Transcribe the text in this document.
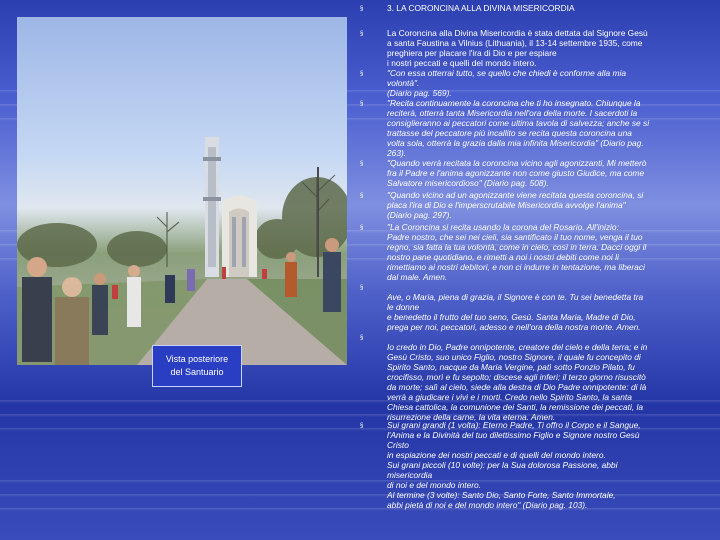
Vista posteriore
del Santuario
§	3. LA CORONCINA ALLA DIVINA MISERICORDIA
§	La Coroncina alla Divina Misericordia è stata dettata dal Signore Gesù
a santa Faustina a Vilnius (Lithuania), il 13-14 settembre 1935, come
preghiera per placare l'ira di Dio e per espiare
i nostri peccati e quelli del mondo intero.
§	"Con essa otterrai tutto, se quello che chiedi è conforme alla mia
volontà".
(Diario pag. 569).
§	"Recita continuamente la coroncina che ti ho insegnato. Chiunque la
reciterà, otterrà tanta Misericordia nell'ora della morte. I sacerdoti la
consiglieranno ai peccatori come ultima tavola di salvezza; anche se si
trattasse del peccatore più incallito se recita questa coroncina una
volta sola, otterrà la grazia dalla mia infinita Misericordia" (Diario pag.
263).
§	"Quando verrà recitata la coroncina vicino agli agonizzanti, Mi metterò
fra il Padre e l'anima agonizzante non come giusto Giudice, ma come
Salvatore misericordioso" (Diario pag. 508).
§	"Quando vicino ad un agonizzante viene recitata questa coroncina, si
placa l'ira di Dio e l'imperscrutabile Misericordia avvolge l'anima"
(Diario pag. 297).
§	"La Coroncina si recita usando la corona del Rosario. All'inizio:
Padre nostro, che sei nei cieli, sia santificato il tuo nome, venga il tuo
regno, sia fatta la tua volontà, come in cielo, così in terra. Dacci oggi il
nostro pane quotidiano, e rimetti a noi i nostri debiti come noi li
rimettiamo ai nostri debitori, e non ci indurre in tentazione, ma liberaci
dal male. Amen.
§

Ave, o Maria, piena di grazia, il Signore è con te. Tu sei benedetta tra
le donne
e benedetto il frutto del tuo seno, Gesù. Santa Maria, Madre di Dio,
prega per noi, peccatori, adesso e nell'ora della nostra morte. Amen.
§

Io credo in Dio, Padre onnipotente, creatore del cielo e della terra; e in
Gesù Cristo, suo unico Figlio, nostro Signore, il quale fu concepito di
Spirito Santo, nacque da Maria Vergine, patì sotto Ponzio Pilato, fu
crocifisso, morì e fu sepolto; discese agli inferi; il terzo giorno risuscitò
da morte; salì al cielo, siede alla destra di Dio Padre onnipotente: di là
verrà a giudicare i vivi e i morti. Credo nello Spirito Santo, la santa
Chiesa cattolica, la comunione dei Santi, la remissione dei peccati, la
risurrezione della carne, la vita eterna. Amen.
§	Sui grani grandi (1 volta): Eterno Padre, Ti offro il Corpo e il Sangue,
l'Anima e la Divinità del tuo dilettissimo Figlio e Signore nostro Gesù
Cristo
in espiazione dei nostri peccati e di quelli del mondo intero.
Sui grani piccoli (10 volte): per la Sua dolorosa Passione, abbi
misericordia
di noi e del mondo intero.
Al termine (3 volte): Santo Dio, Santo Forte, Santo Immortale,
abbi pietà di noi e del mondo intero" (Diario pag. 103).
